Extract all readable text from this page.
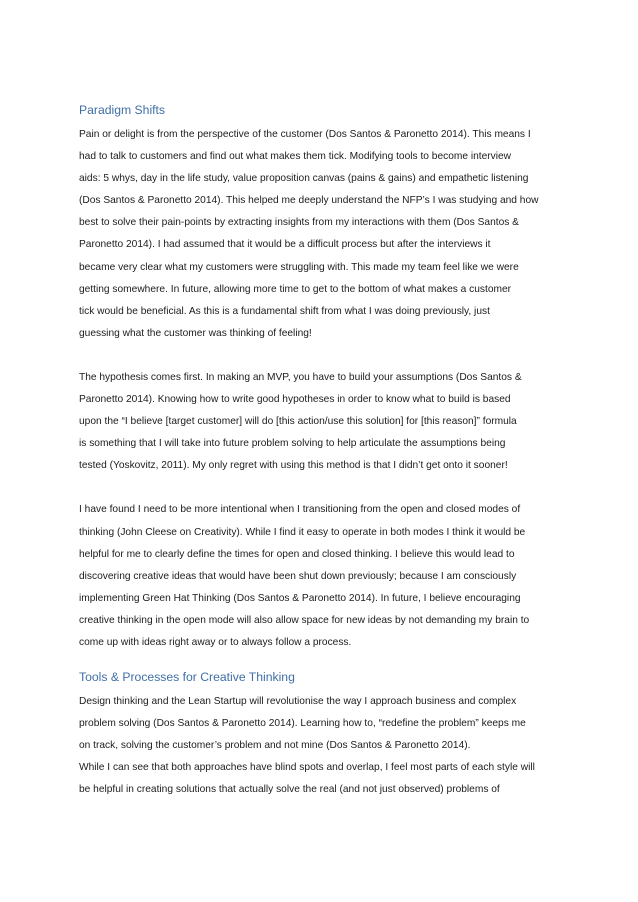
Paradigm Shifts

Pain or delight is from the perspective of the customer (Dos Santos & Paronetto 2014). This means I
had to talk to customers and find out what makes them tick. Modifying tools to become interview
aids: 5 whys, day in the life study, value proposition canvas (pains & gains) and empathetic listening
(Dos Santos & Paronetto 2014). This helped me deeply understand the NFP’s I was studying and how
best to solve their pain-points by extracting insights from my interactions with them (Dos Santos &
Paronetto 2014). I had assumed that it would be a difficult process but after the interviews it
became very clear what my customers were struggling with. This made my team feel like we were
getting somewhere. In future, allowing more time to get to the bottom of what makes a customer
tick would be beneficial. As this is a fundamental shift from what I was doing previously, just
guessing what the customer was thinking of feeling!

The hypothesis comes first. In making an MVP, you have to build your assumptions (Dos Santos &
Paronetto 2014). Knowing how to write good hypotheses in order to know what to build is based
upon the “I believe [target customer] will do [this action/use this solution] for [this reason]” formula
is something that I will take into future problem solving to help articulate the assumptions being
tested (Yoskovitz, 2011). My only regret with using this method is that I didn’t get onto it sooner!

I have found I need to be more intentional when I transitioning from the open and closed modes of
thinking (John Cleese on Creativity). While I find it easy to operate in both modes I think it would be
helpful for me to clearly define the times for open and closed thinking. I believe this would lead to
discovering creative ideas that would have been shut down previously; because I am consciously
implementing Green Hat Thinking (Dos Santos & Paronetto 2014). In future, I believe encouraging
creative thinking in the open mode will also allow space for new ideas by not demanding my brain to
come up with ideas right away or to always follow a process.

Tools & Processes for Creative Thinking

Design thinking and the Lean Startup will revolutionise the way I approach business and complex
problem solving (Dos Santos & Paronetto 2014). Learning how to, “redefine the problem” keeps me
on track, solving the customer’s problem and not mine (Dos Santos & Paronetto 2014).
While I can see that both approaches have blind spots and overlap, I feel most parts of each style will
be helpful in creating solutions that actually solve the real (and not just observed) problems of
